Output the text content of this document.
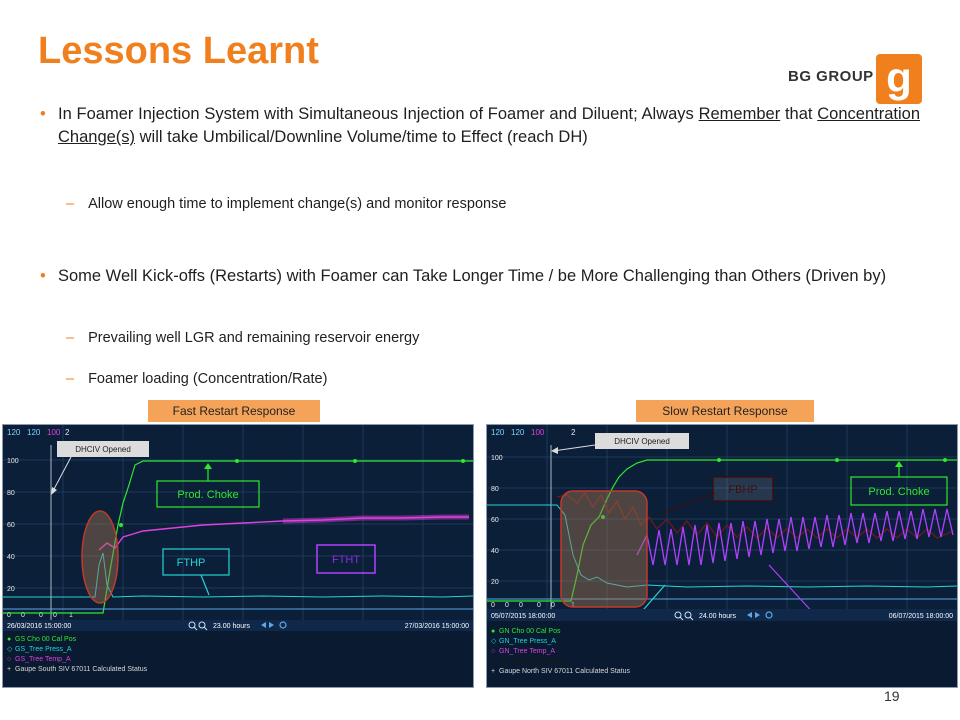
Lessons Learnt
BG GROUP g
• In Foamer Injection System with Simultaneous Injection of Foamer and Diluent; Always Remember that Concentration Change(s) will take Umbilical/Downline Volume/time to Effect (reach DH)
– Allow enough time to implement change(s) and monitor response
• Some Well Kick-offs (Restarts) with Foamer can Take Longer Time / be More Challenging than Others (Driven by)
– Prevailing well LGR and remaining reservoir energy
– Foamer loading (Concentration/Rate)
Fast Restart Response	Slow Restart Response
120 120 100 2
100
80
60
40
20
0 0 0 0 1
DHCIV Opened
Prod. Choke
FTHP	FTHT
26/03/2016 15:00:00	23.00 hours	27/03/2016 15:00:00
● GS Cho 00 Cal Pos
◇ GS_Tree Press_A
○ GS_Tree Temp_A
+ Gaupe South SIV 67011 Calculated Status
120 120 100 120 2
100
80
60
40
20
0 0 0 0 0 1
DHCIV Opened
FBHP	Prod. Choke
05/07/2015 18:00:00	24.00 hours	06/07/2015 18:00:00
● GN Cho 00 Cal Pos
◇ GN_Tree Press_A
○ GN_Tree Temp_A
▲ GN Downhole Press C
+ Gaupe North SIV 67011 Calculated Status
19
